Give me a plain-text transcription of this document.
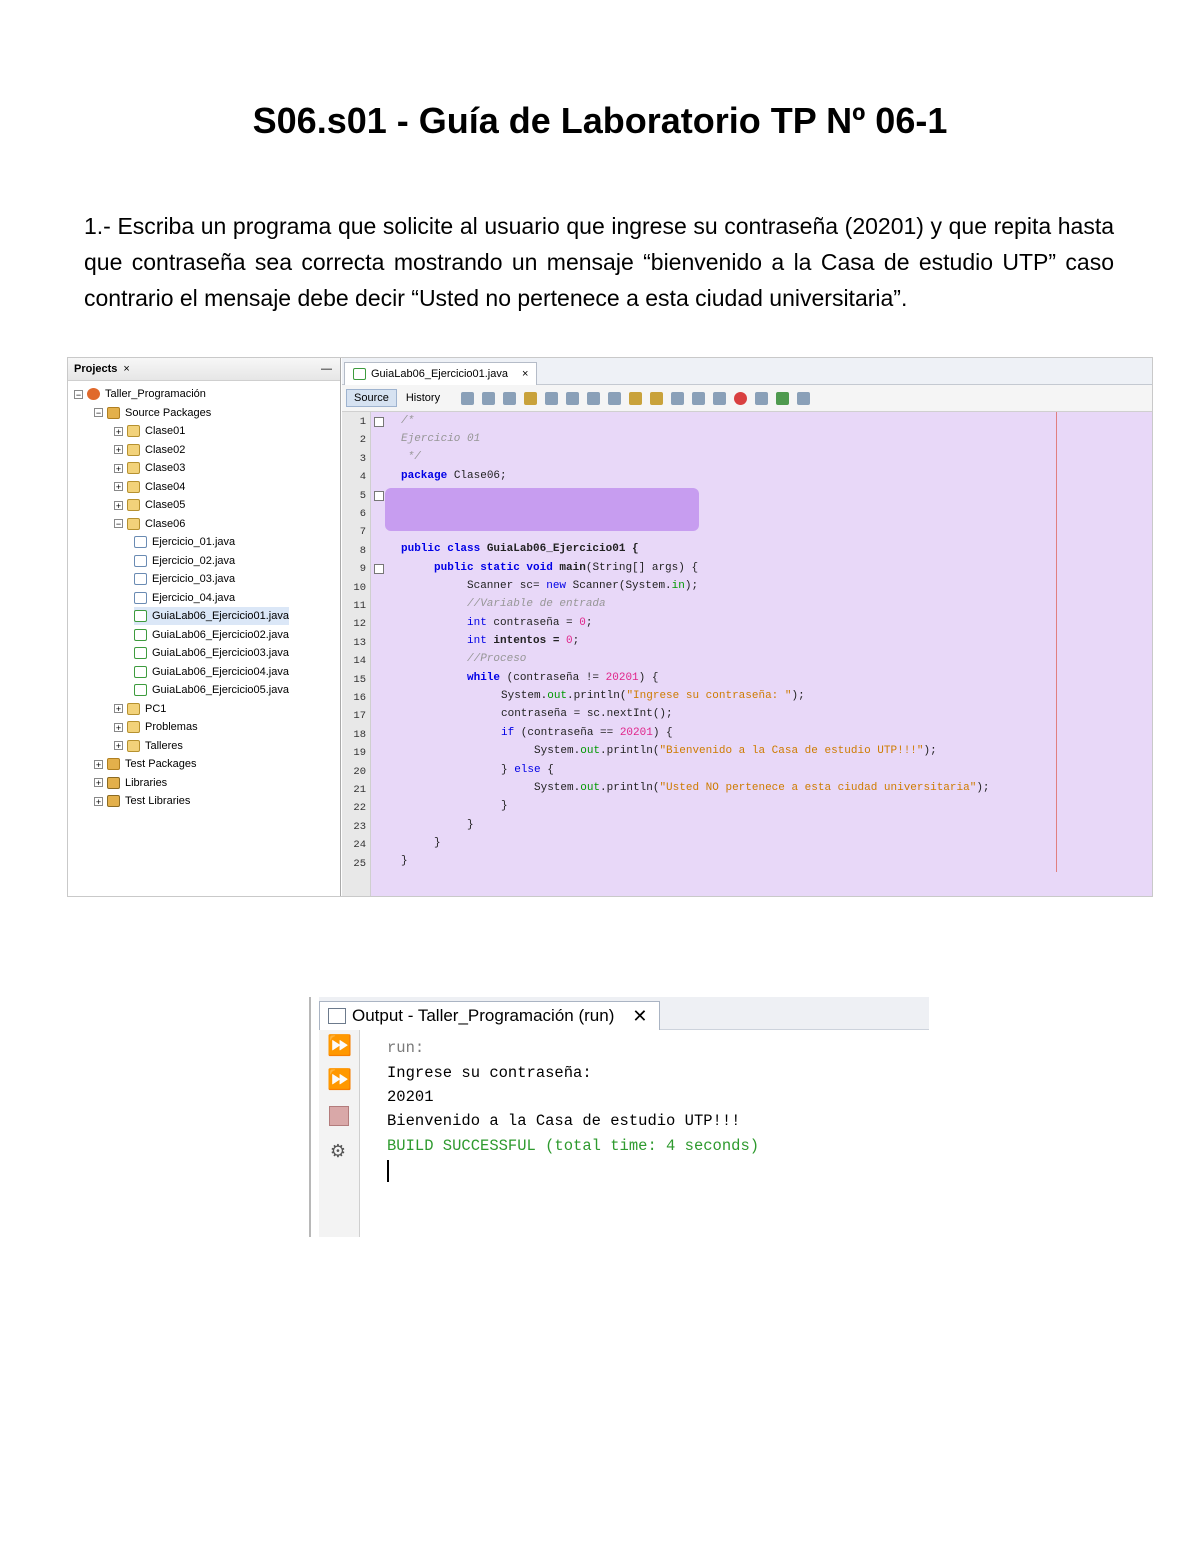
S06.s01 - Guía de Laboratorio TP Nº 06-1
1.- Escriba un programa que solicite al usuario que ingrese su contraseña (20201) y que repita hasta que contraseña sea correcta mostrando un mensaje “bienvenido a la Casa de estudio UTP” caso contrario el mensaje debe decir “Usted no pertenece a esta ciudad universitaria”.
Projects ×	—
− Taller_Programación
− Source Packages
+ Clase01
+ Clase02
+ Clase03
+ Clase04
+ Clase05
− Clase06
Ejercicio_01.java
Ejercicio_02.java
Ejercicio_03.java
Ejercicio_04.java
GuiaLab06_Ejercicio01.java
GuiaLab06_Ejercicio02.java
GuiaLab06_Ejercicio03.java
GuiaLab06_Ejercicio04.java
GuiaLab06_Ejercicio05.java
+ PC1
+ Problemas
+ Talleres
+ Test Packages
+ Libraries
+ Test Libraries
GuiaLab06_Ejercicio01.java ×
Source	History
1
2
3
4
5
6
7
8
9
10
11
12
13
14
15
16
17
18
19
20
21
22
23
24
25
/*
Ejercicio 01
*/
package Clase06;
public class GuiaLab06_Ejercicio01 {
public static void main(String[] args) {
Scanner sc= new Scanner(System.in);
//Variable de entrada
int contraseña = 0;
int intentos = 0;
//Proceso
while (contraseña != 20201) {
System.out.println("Ingrese su contraseña: ");
contraseña = sc.nextInt();
if (contraseña == 20201) {
System.out.println("Bienvenido a la Casa de estudio UTP!!!");
} else {
System.out.println("Usted NO pertenece a esta ciudad universitaria");
}
}
}
}
Output - Taller_Programación (run) ✕
⏩
⏩
⚙
run:
Ingrese su contraseña:
20201
Bienvenido a la Casa de estudio UTP!!!
BUILD SUCCESSFUL (total time: 4 seconds)
